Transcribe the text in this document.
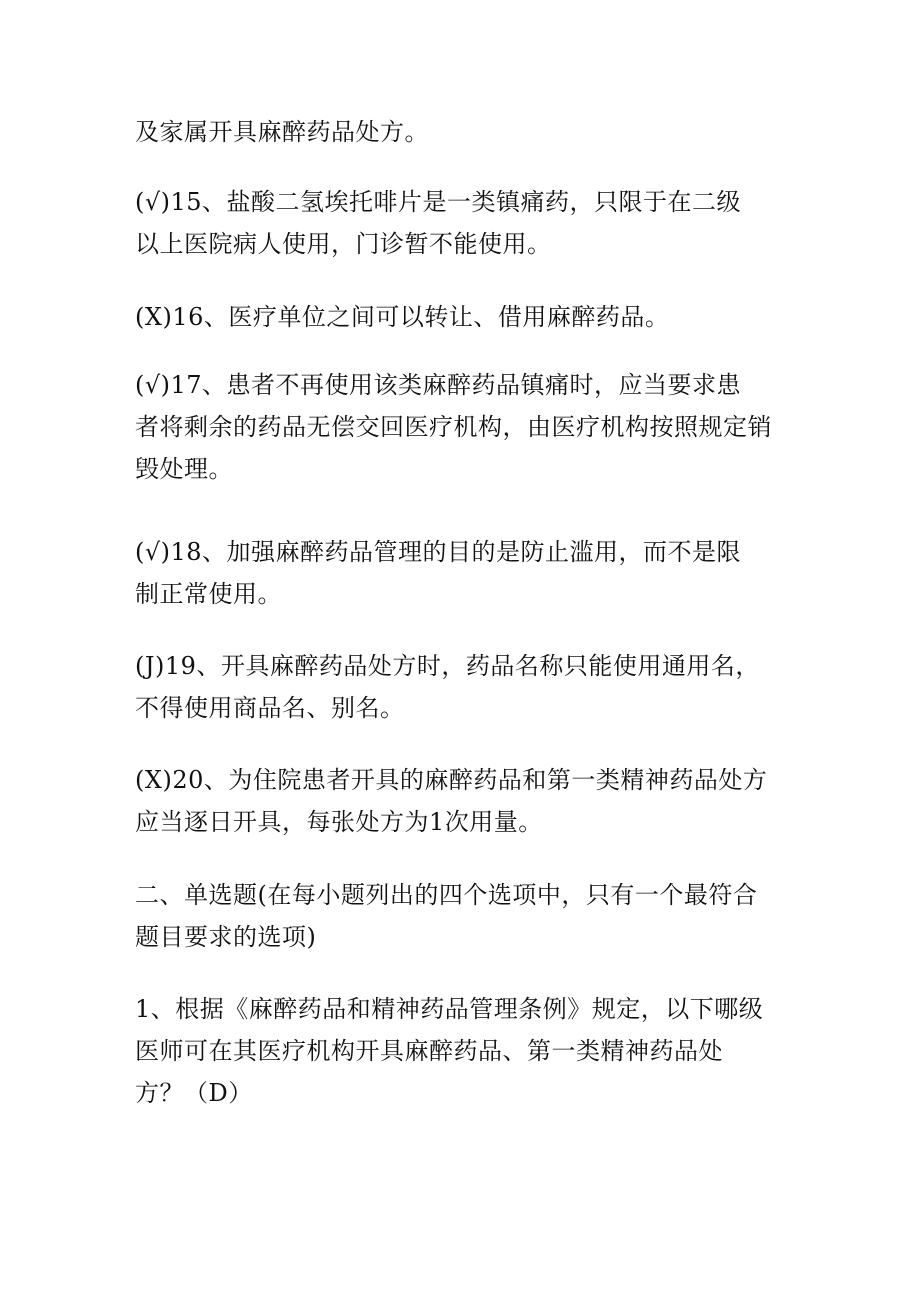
及家属开具麻醉药品处方。

(√)15、盐酸二氢埃托啡片是一类镇痛药，只限于在二级
以上医院病人使用，门诊暂不能使用。

(X)16、医疗单位之间可以转让、借用麻醉药品。

(√)17、患者不再使用该类麻醉药品镇痛时，应当要求患
者将剩余的药品无偿交回医疗机构，由医疗机构按照规定销
毁处理。

(√)18、加强麻醉药品管理的目的是防止滥用，而不是限
制正常使用。

(J)19、开具麻醉药品处方时，药品名称只能使用通用名，
不得使用商品名、别名。

(X)20、为住院患者开具的麻醉药品和第一类精神药品处方
应当逐日开具，每张处方为1次用量。

二、单选题(在每小题列出的四个选项中，只有一个最符合
题目要求的选项)

1、根据《麻醉药品和精神药品管理条例》规定，以下哪级
医师可在其医疗机构开具麻醉药品、第一类精神药品处
方？（D）
